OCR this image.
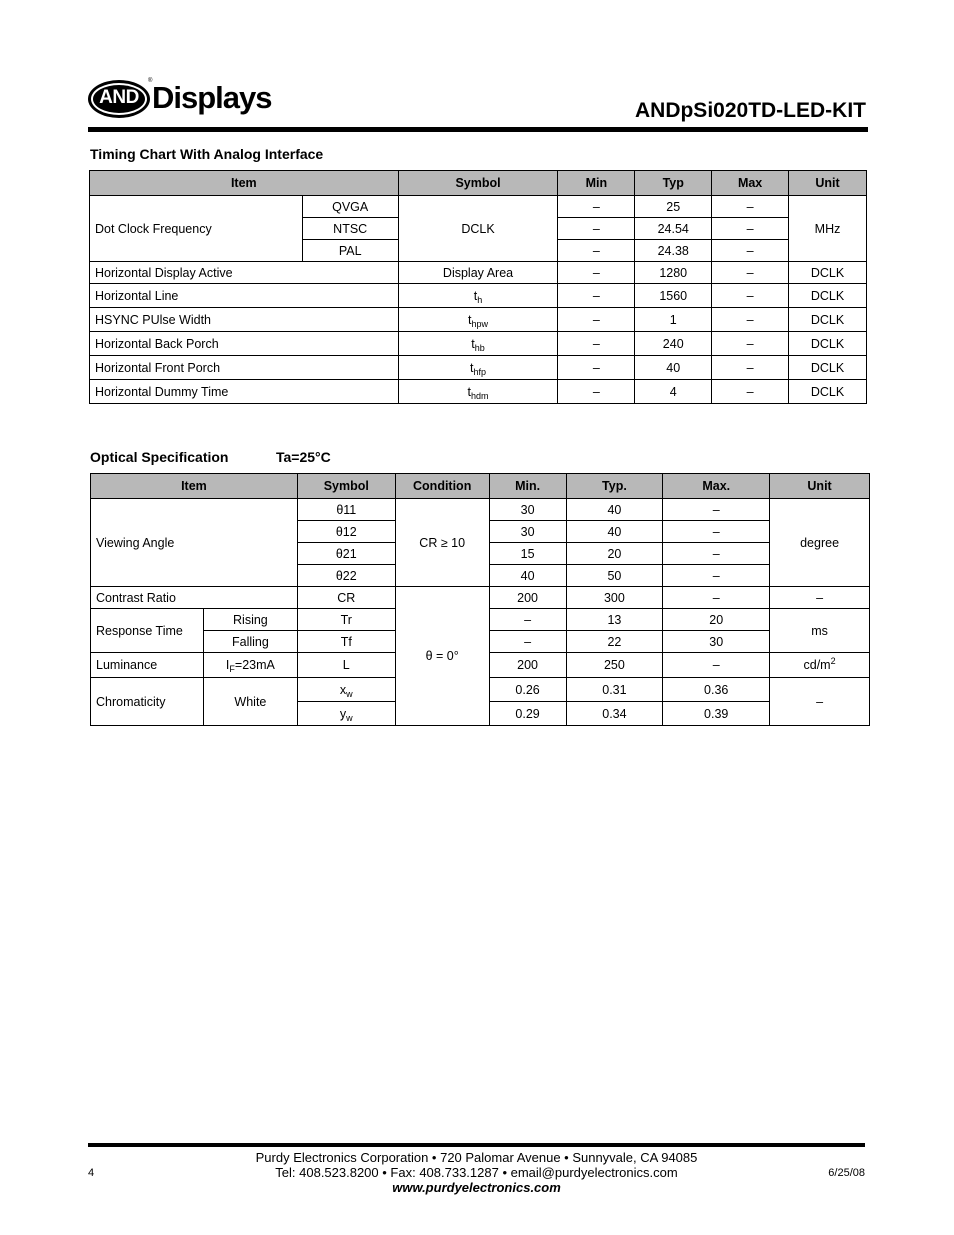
AND
® Displays	ANDpSi020TD-LED-KIT
Timing Chart With Analog Interface
Item		Symbol	Min	Typ	Max	Unit
Dot Clock Frequency	QVGA	DCLK	–	25	–	MHz
	NTSC		–	24.54	–	
	PAL		–	24.38	–	
Horizontal Display Active		Display Area	–	1280	–	DCLK
Horizontal Line		$t_h$	–	1560	–	DCLK
HSYNC PUlse Width		$t_{hpw}$	–	1	–	DCLK
Horizontal Back Porch		$t_{hb}$	–	240	–	DCLK
Horizontal Front Porch		$t_{hfp}$	–	40	–	DCLK
Horizontal Dummy Time		$t_{hdm}$	–	4	–	DCLK
Optical Specification	Ta=25°C
Item		Symbol	Condition	Min.	Typ.	Max.	Unit
Viewing Angle		θ11	CR ≥ 10	30	40	–	degree
		θ12		30	40	–	
		θ21		15	20	–	
		θ22		40	50	–	
Contrast Ratio		CR	θ = 0°	200	300	–	–
Response Time	Rising	Tr		–	13	20	ms
	Falling	Tf		–	22	30	
Luminance	$I_F=23mA$	L		200	250	–	$cd/m^2$
Chromaticity	White	$x_w$		0.26	0.31	0.36	–
		$y_w$		0.29	0.34	0.39	
Purdy Electronics Corporation • 720 Palomar Avenue • Sunnyvale, CA 94085
Tel: 408.523.8200 • Fax: 408.733.1287 • email@purdyelectronics.com
www.purdyelectronics.com
4	6/25/08
